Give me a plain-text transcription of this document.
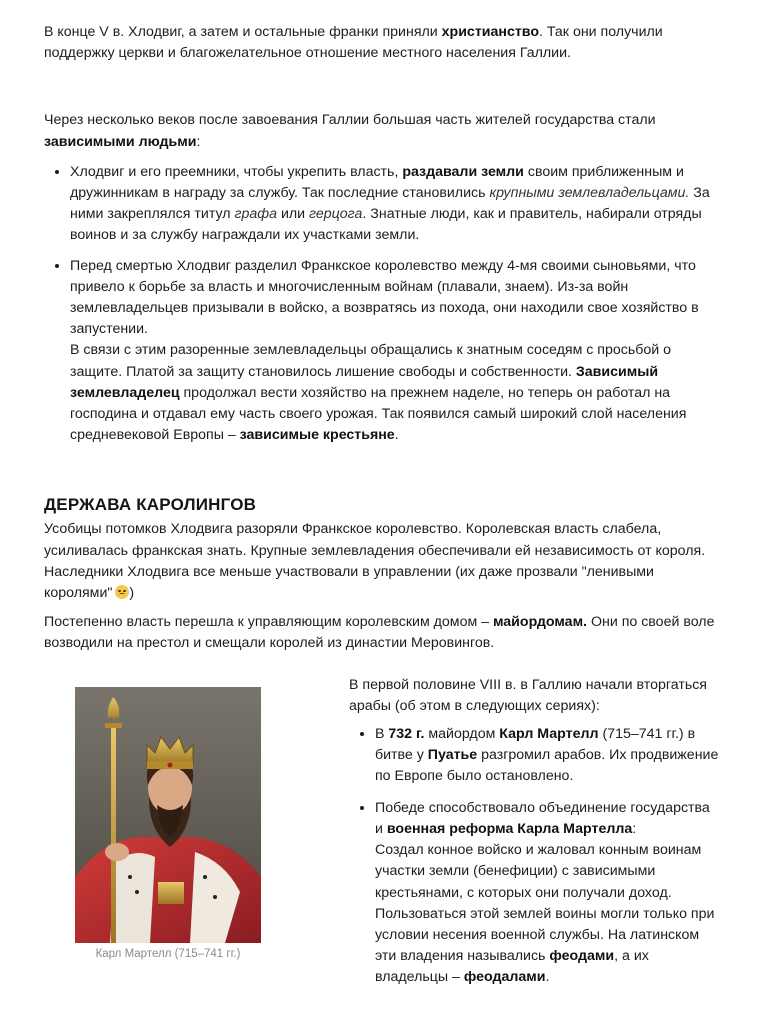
В конце V в. Хлодвиг, а затем и остальные франки приняли христианство. Так они получили поддержку церкви и благожелательное отношение местного населения Галлии.

Через несколько веков после завоевания Галлии большая часть жителей государства стали зависимыми людьми:

• Хлодвиг и его преемники, чтобы укрепить власть, раздавали земли своим приближенным и дружинникам в награду за службу. Так последние становились крупными землевладельцами. За ними закреплялся титул графа или герцога. Знатные люди, как и правитель, набирали отряды воинов и за службу награждали их участками земли.
• Перед смертью Хлодвиг разделил Франкское королевство между 4-мя своими сыновьями, что привело к борьбе за власть и многочисленным войнам (плавали, знаем). Из-за войн землевладельцев призывали в войско, а возвратясь из похода, они находили свое хозяйство в запустении.
В связи с этим разоренные землевладельцы обращались к знатным соседям с просьбой о защите. Платой за защиту становилось лишение свободы и собственности. Зависимый землевладелец продолжал вести хозяйство на прежнем наделе, но теперь он работал на господина и отдавал ему часть своего урожая. Так появился самый широкий слой населения средневековой Европы – зависимые крестьяне.
ДЕРЖАВА КАРОЛИНГОВ

Усобицы потомков Хлодвига разоряли Франкское королевство. Королевская власть слабела, усиливалась франкская знать. Крупные землевладения обеспечивали ей независимость от короля. Наследники Хлодвига все меньше участвовали в управлении (их даже прозвали "ленивыми королями" )

Постепенно власть перешла к управляющим королевским домом – майордомам. Они по своей воле возводили на престол и смещали королей из династии Меровингов.

Карл Мартелл (715–741 гг.)

В первой половине VIII в. в Галлию начали вторгаться арабы (об этом в следующих сериях):

• В 732 г. майордом Карл Мартелл (715–741 гг.) в битве у Пуатье разгромил арабов. Их продвижение по Европе было остановлено.
• Победе способствовало объединение государства и военная реформа Карла Мартелла:
Создал конное войско и жаловал конным воинам участки земли (бенефиции) с зависимыми крестьянами, с которых они получали доход. Пользоваться этой землей воины могли только при условии несения военной службы. На латинском эти владения назывались феодами, а их владельцы – феодалами.
